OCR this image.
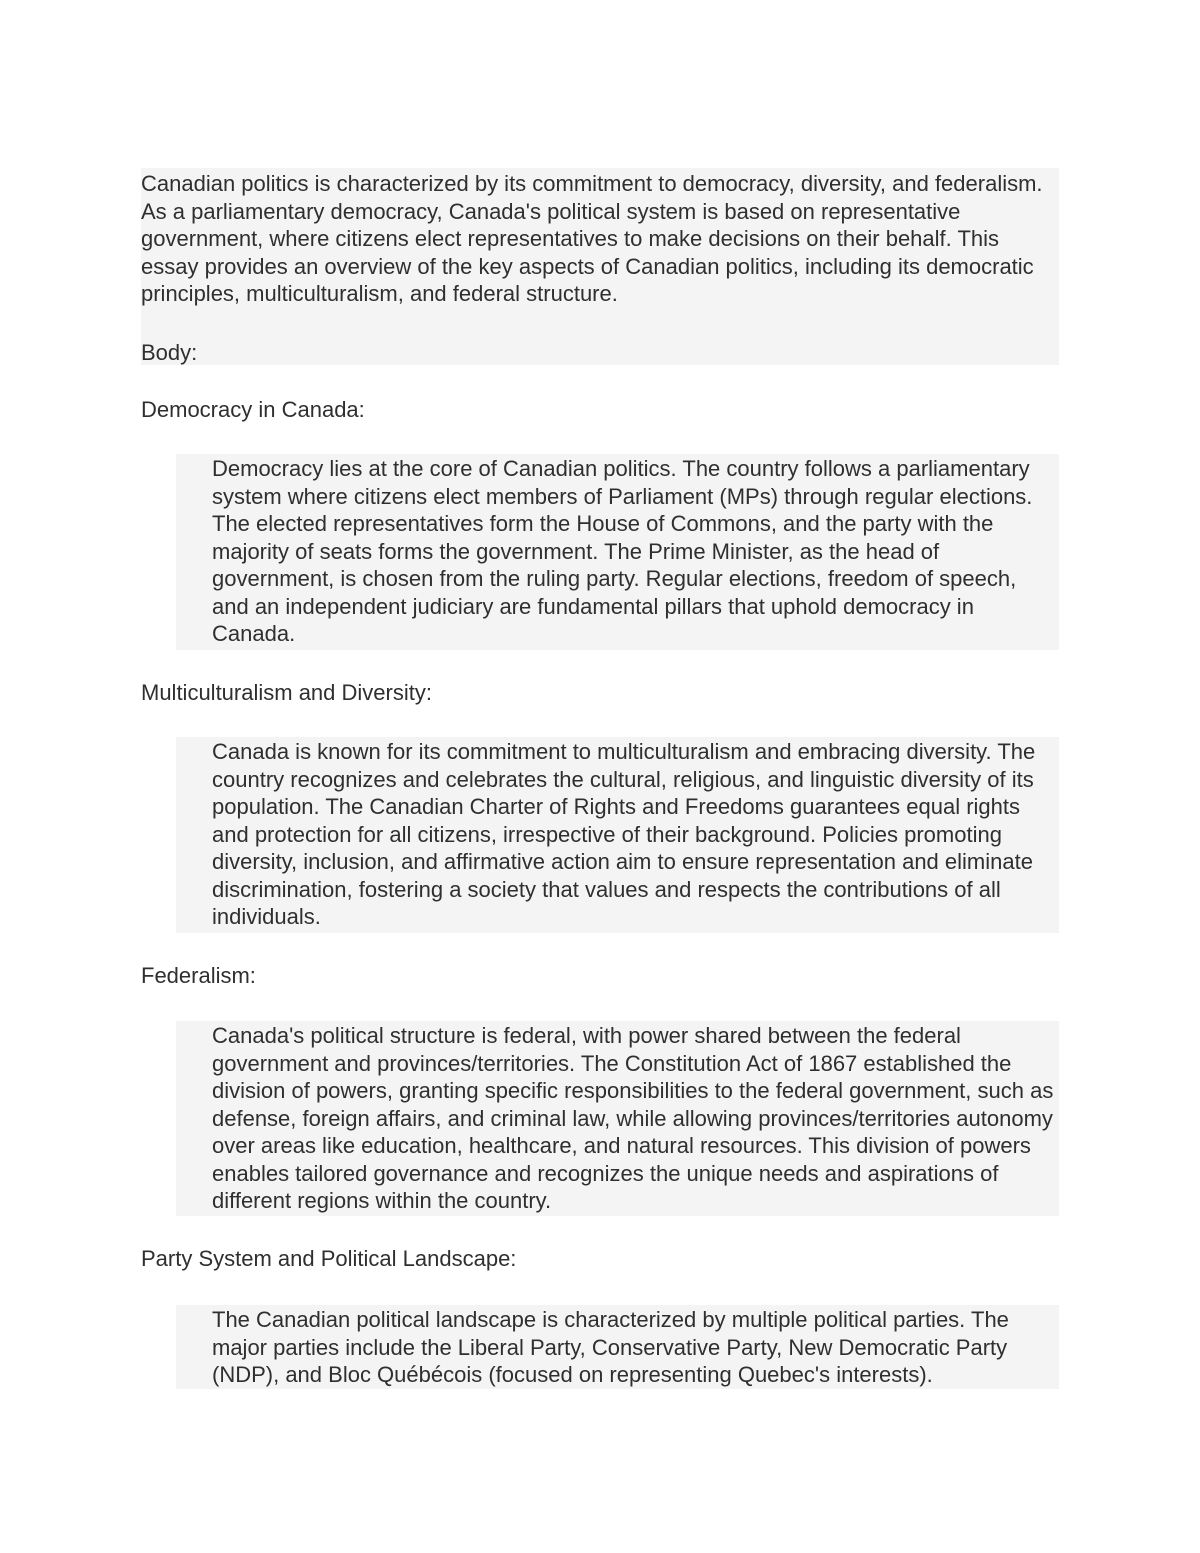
Canadian politics is characterized by its commitment to democracy, diversity, and federalism. As a parliamentary democracy, Canada's political system is based on representative government, where citizens elect representatives to make decisions on their behalf. This essay provides an overview of the key aspects of Canadian politics, including its democratic principles, multiculturalism, and federal structure.

Body:

Democracy in Canada:

Democracy lies at the core of Canadian politics. The country follows a parliamentary system where citizens elect members of Parliament (MPs) through regular elections. The elected representatives form the House of Commons, and the party with the majority of seats forms the government. The Prime Minister, as the head of government, is chosen from the ruling party. Regular elections, freedom of speech, and an independent judiciary are fundamental pillars that uphold democracy in Canada.

Multiculturalism and Diversity:

Canada is known for its commitment to multiculturalism and embracing diversity. The country recognizes and celebrates the cultural, religious, and linguistic diversity of its population. The Canadian Charter of Rights and Freedoms guarantees equal rights and protection for all citizens, irrespective of their background. Policies promoting diversity, inclusion, and affirmative action aim to ensure representation and eliminate discrimination, fostering a society that values and respects the contributions of all individuals.

Federalism:

Canada's political structure is federal, with power shared between the federal government and provinces/territories. The Constitution Act of 1867 established the division of powers, granting specific responsibilities to the federal government, such as defense, foreign affairs, and criminal law, while allowing provinces/territories autonomy over areas like education, healthcare, and natural resources. This division of powers enables tailored governance and recognizes the unique needs and aspirations of different regions within the country.

Party System and Political Landscape:

The Canadian political landscape is characterized by multiple political parties. The major parties include the Liberal Party, Conservative Party, New Democratic Party (NDP), and Bloc Québécois (focused on representing Quebec's interests).
